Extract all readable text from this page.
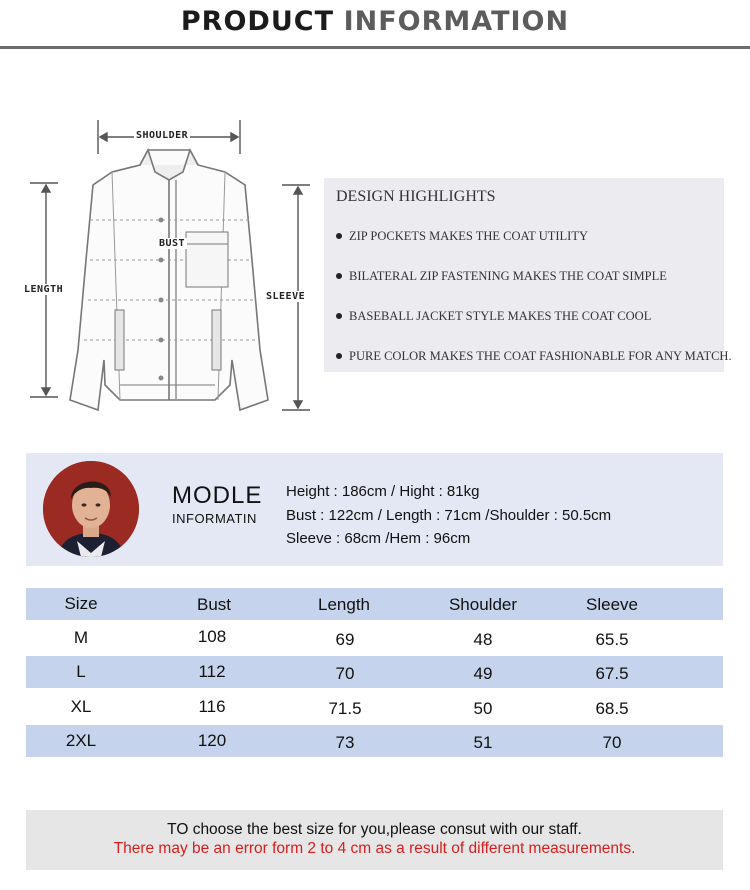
PRODUCT INFORMATION
SHOULDER
BUST
LENGTH
SLEEVE
DESIGN HIGHLIGHTS
ZIP POCKETS MAKES THE COAT UTILITY
BILATERAL ZIP FASTENING MAKES THE COAT SIMPLE
BASEBALL JACKET STYLE MAKES THE COAT COOL
PURE COLOR MAKES THE COAT FASHIONABLE FOR ANY MATCH.
MODLE
INFORMATIN
Height : 186cm / Hight : 81kg
Bust : 122cm / Length : 71cm /Shoulder : 50.5cm
Sleeve : 68cm /Hem : 96cm
Size	Bust	Length	Shoulder	Sleeve
M	108	69	48	65.5
L	112	70	49	67.5
XL	116	71.5	50	68.5
2XL	120	73	51	70
TO choose the best size for you,please consut with our staff.
There may be an error form 2 to 4 cm as a result of different measurements.
